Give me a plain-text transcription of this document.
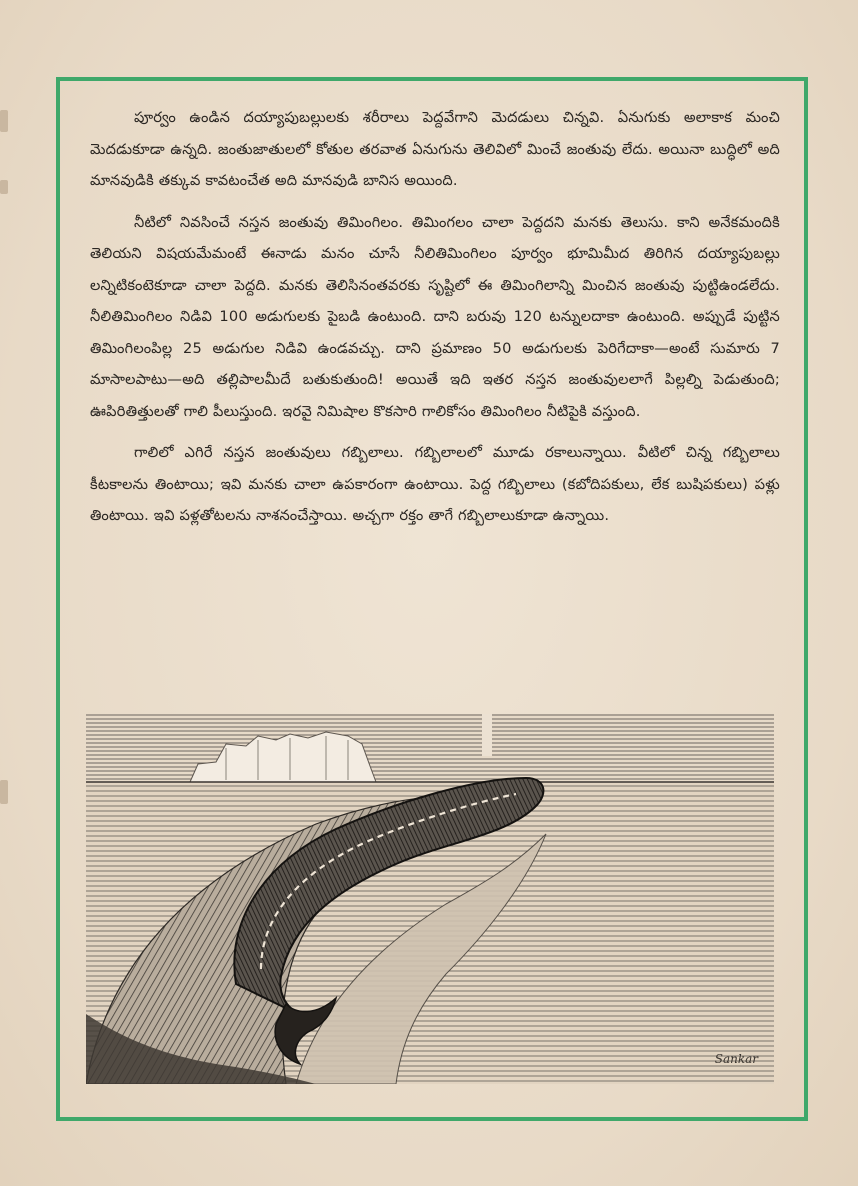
పూర్వం ఉండిన దయ్యాపుబల్లులకు శరీరాలు పెద్దవేగాని మెదడులు చిన్నవి. ఏనుగుకు అలాకాక మంచి మెదడుకూడా ఉన్నది. జంతుజాతులలో కోతుల తరవాత ఏనుగును తెలివిలో మించే జంతువు లేదు. అయినా బుద్ధిలో అది మానవుడికి తక్కువ కావటంచేత అది మానవుడి బానిస అయింది.

నీటిలో నివసించే నస్తన జంతువు తిమింగిలం. తిమింగలం చాలా పెద్దదని మనకు తెలుసు. కాని అనేకమందికి తెలియని విషయమేమంటే ఈనాడు మనం చూసే నీలితిమింగిలం పూర్వం భూమిమీద తిరిగిన దయ్యాపుబల్లు లన్నిటికంటెకూడా చాలా పెద్దది. మనకు తెలిసినంతవరకు సృష్టిలో ఈ తిమింగిలాన్ని మించిన జంతువు పుట్టిఉండలేదు. నీలితిమింగిలం నిడివి 100 అడుగులకు పైబడి ఉంటుంది. దాని బరువు 120 టన్నులదాకా ఉంటుంది. అప్పుడే పుట్టిన తిమింగిలంపిల్ల 25 అడుగుల నిడివి ఉండవచ్చు. దాని ప్రమాణం 50 అడుగులకు పెరిగేదాకా—అంటే సుమారు 7 మాసాలపాటు—అది తల్లిపాలమీదే బతుకుతుంది! అయితే ఇది ఇతర నస్తన జంతువులలాగే పిల్లల్ని పెడుతుంది; ఊపిరితిత్తులతో గాలి పీలుస్తుంది. ఇరవై నిమిషాల కొకసారి గాలికోసం తిమింగిలం నీటిపైకి వస్తుంది.

గాలిలో ఎగిరే నస్తన జంతువులు గబ్బిలాలు. గబ్బిలాలలో మూడు రకాలున్నాయి. వీటిలో చిన్న గబ్బిలాలు కీటకాలను తింటాయి; ఇవి మనకు చాలా ఉపకారంగా ఉంటాయి. పెద్ద గబ్బిలాలు (కబోదిపకులు, లేక బుషిపకులు) పళ్లు తింటాయి. ఇవి పళ్లతోటలను నాశనంచేస్తాయి. అచ్చగా రక్తం తాగే గబ్బిలాలుకూడా ఉన్నాయి.

Sankar
